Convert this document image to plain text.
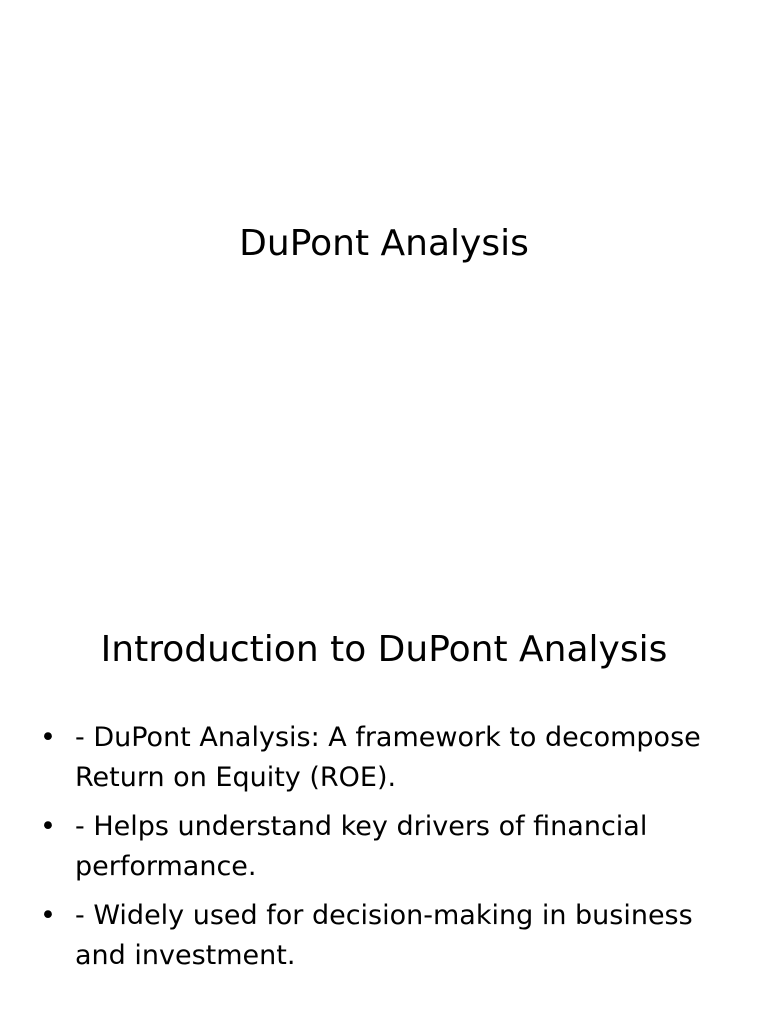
DuPont Analysis
Introduction to DuPont Analysis
• - DuPont Analysis: A framework to decompose Return on Equity (ROE).
• - Helps understand key drivers of financial performance.
• - Widely used for decision-making in business and investment.
